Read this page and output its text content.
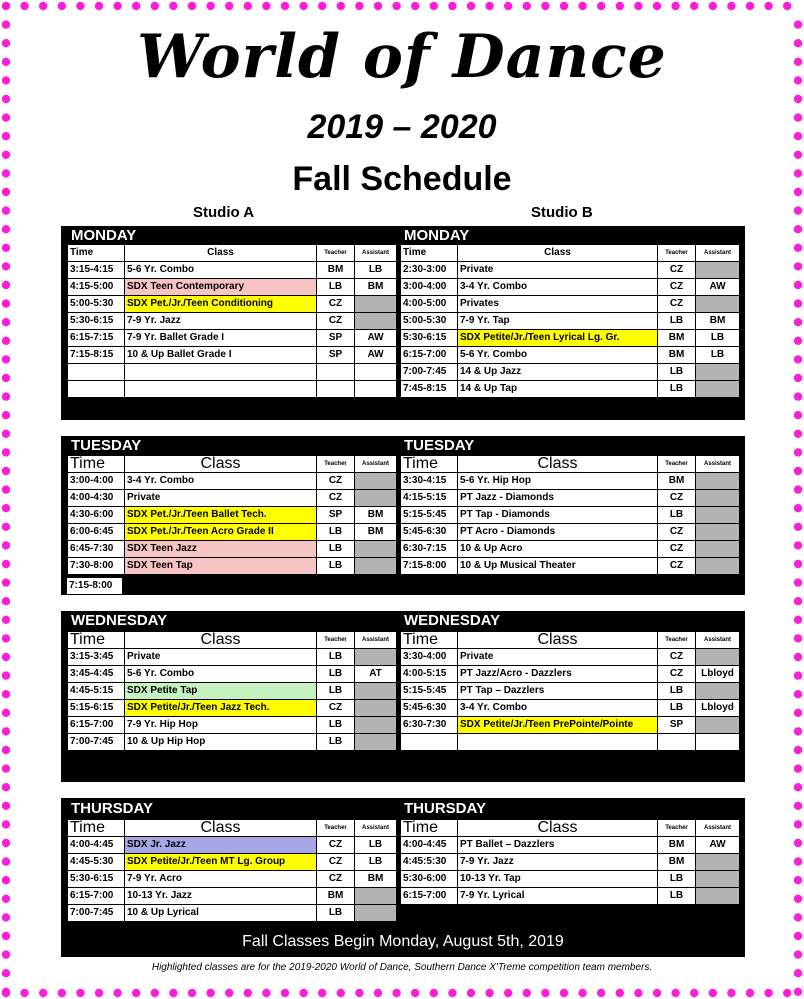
World of Dance
2019 – 2020
Fall Schedule
Studio A	Studio B
MONDAY	MONDAY
Time	Class	Teacher	Assistant
3:15-4:15	5-6 Yr. Combo	BM	LB
4:15-5:00	SDX Teen Contemporary	LB	BM
5:00-5:30	SDX Pet./Jr./Teen Conditioning	CZ	
5:30-6:15	7-9 Yr. Jazz	CZ	
6:15-7:15	7-9 Yr. Ballet Grade I	SP	AW
7:15-8:15	10 & Up Ballet Grade I	SP	AW

Time	Class	Teacher	Assistant
2:30-3:00	Private	CZ	
3:00-4:00	3-4 Yr. Combo	CZ	AW
4:00-5:00	Privates	CZ	
5:00-5:30	7-9 Yr. Tap	LB	BM
5:30-6:15	SDX Petite/Jr./Teen Lyrical Lg. Gr.	BM	LB
6:15-7:00	5-6 Yr. Combo	BM	LB
7:00-7:45	14 & Up Jazz	LB	
7:45-8:15	14 & Up Tap	LB	
TUESDAY	TUESDAY
Time	Class	Teacher	Assistant
3:00-4:00	3-4 Yr. Combo	CZ	
4:00-4:30	Private	CZ	
4:30-6:00	SDX Pet./Jr./Teen Ballet Tech.	SP	BM
6:00-6:45	SDX Pet./Jr./Teen Acro Grade II	LB	BM
6:45-7:30	SDX Teen Jazz	LB	
7:30-8:00	SDX Teen Tap	LB	
Time	Class	Teacher	Assistant
3:30-4:15	5-6 Yr. Hip Hop	BM	
4:15-5:15	PT Jazz - Diamonds	CZ	
5:15-5:45	PT Tap - Diamonds	LB	
5:45-6:30	PT Acro - Diamonds	CZ	
6:30-7:15	10 & Up Acro	CZ	
7:15-8:00	10 & Up Musical Theater	CZ	
7:15-8:00
WEDNESDAY	WEDNESDAY
Time	Class	Teacher	Assistant
3:15-3:45	Private	LB	
3:45-4:45	5-6 Yr. Combo	LB	AT
4:45-5:15	SDX Petite Tap	LB	
5:15-6:15	SDX Petite/Jr./Teen Jazz Tech.	CZ	
6:15-7:00	7-9 Yr. Hip Hop	LB	
7:00-7:45	10 & Up Hip Hop	LB	
Time	Class	Teacher	Assistant
3:30-4:00	Private	CZ	
4:00-5:15	PT Jazz/Acro - Dazzlers	CZ	Lbloyd
5:15-5:45	PT Tap – Dazzlers	LB	
5:45-6:30	3-4 Yr. Combo	LB	Lbloyd
6:30-7:30	SDX Petite/Jr./Teen PrePointe/Pointe	SP	

THURSDAY	THURSDAY
Time	Class	Teacher	Assistant
4:00-4:45	SDX Jr. Jazz	CZ	LB
4:45-5:30	SDX Petite/Jr./Teen MT Lg. Group	CZ	LB
5:30-6:15	7-9 Yr. Acro	CZ	BM
6:15-7:00	10-13 Yr. Jazz	BM	
7:00-7:45	10 & Up Lyrical	LB	
Time	Class	Teacher	Assistant
4:00-4:45	PT Ballet – Dazzlers	BM	AW
4:45:5:30	7-9 Yr. Jazz	BM	
5:30-6:00	10-13 Yr. Tap	LB	
6:15-7:00	7-9 Yr. Lyrical	LB	
Fall Classes Begin Monday, August 5th, 2019
Highlighted classes are for the 2019-2020 World of Dance, Southern Dance X'Treme competition team members.
